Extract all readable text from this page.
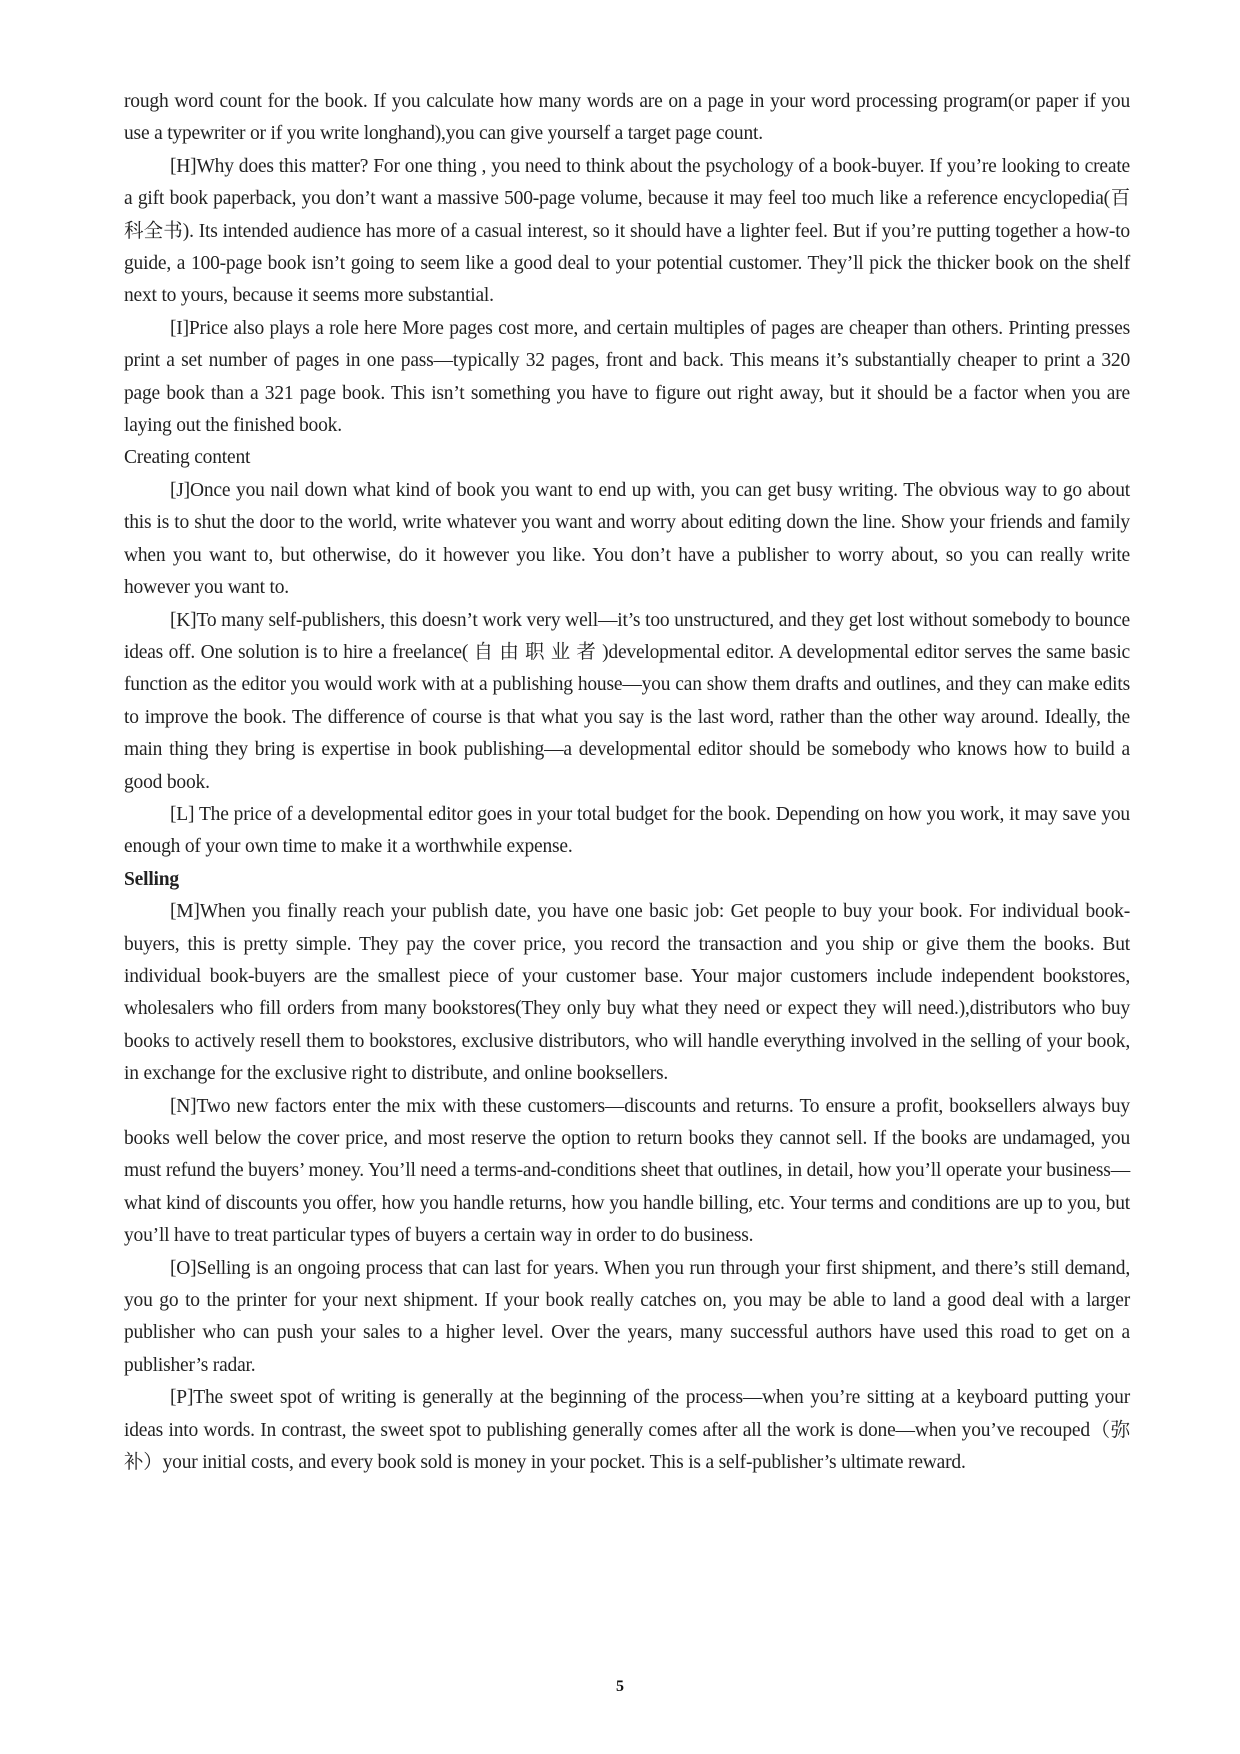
rough word count for the book. If you calculate how many words are on a page in your word processing program(or paper if you use a typewriter or if you write longhand),you can give yourself a target page count.

[H]Why does this matter? For one thing , you need to think about the psychology of a book-buyer. If you’re looking to create a gift book paperback, you don’t want a massive 500-page volume, because it may feel too much like a reference encyclopedia(百科全书). Its intended audience has more of a casual interest, so it should have a lighter feel. But if you’re putting together a how-to guide, a 100-page book isn’t going to seem like a good deal to your potential customer. They’ll pick the thicker book on the shelf next to yours, because it seems more substantial.

[I]Price also plays a role here More pages cost more, and certain multiples of pages are cheaper than others. Printing presses print a set number of pages in one pass—typically 32 pages, front and back. This means it’s substantially cheaper to print a 320 page book than a 321 page book. This isn’t something you have to figure out right away, but it should be a factor when you are laying out the finished book.

Creating content

[J]Once you nail down what kind of book you want to end up with, you can get busy writing. The obvious way to go about this is to shut the door to the world, write whatever you want and worry about editing down the line. Show your friends and family when you want to, but otherwise, do it however you like. You don’t have a publisher to worry about, so you can really write however you want to.

[K]To many self-publishers, this doesn’t work very well—it’s too unstructured, and they get lost without somebody to bounce ideas off. One solution is to hire a freelance( 自 由 职 业 者 )developmental editor. A developmental editor serves the same basic function as the editor you would work with at a publishing house—you can show them drafts and outlines, and they can make edits to improve the book. The difference of course is that what you say is the last word, rather than the other way around. Ideally, the main thing they bring is expertise in book publishing—a developmental editor should be somebody who knows how to build a good book.

[L] The price of a developmental editor goes in your total budget for the book. Depending on how you work, it may save you enough of your own time to make it a worthwhile expense.

Selling

[M]When you finally reach your publish date, you have one basic job: Get people to buy your book. For individual book-buyers, this is pretty simple. They pay the cover price, you record the transaction and you ship or give them the books. But individual book-buyers are the smallest piece of your customer base. Your major customers include independent bookstores, wholesalers who fill orders from many bookstores(They only buy what they need or expect they will need.),distributors who buy books to actively resell them to bookstores, exclusive distributors, who will handle everything involved in the selling of your book, in exchange for the exclusive right to distribute, and online booksellers.

[N]Two new factors enter the mix with these customers—discounts and returns. To ensure a profit, booksellers always buy books well below the cover price, and most reserve the option to return books they cannot sell. If the books are undamaged, you must refund the buyers’ money. You’ll need a terms-and-conditions sheet that outlines, in detail, how you’ll operate your business—what kind of discounts you offer, how you handle returns, how you handle billing, etc. Your terms and conditions are up to you, but you’ll have to treat particular types of buyers a certain way in order to do business.

[O]Selling is an ongoing process that can last for years. When you run through your first shipment, and there’s still demand, you go to the printer for your next shipment. If your book really catches on, you may be able to land a good deal with a larger publisher who can push your sales to a higher level. Over the years, many successful authors have used this road to get on a publisher’s radar.

[P]The sweet spot of writing is generally at the beginning of the process—when you’re sitting at a keyboard putting your ideas into words. In contrast, the sweet spot to publishing generally comes after all the work is done—when you’ve recouped（弥补）your initial costs, and every book sold is money in your pocket. This is a self-publisher’s ultimate reward.

5
